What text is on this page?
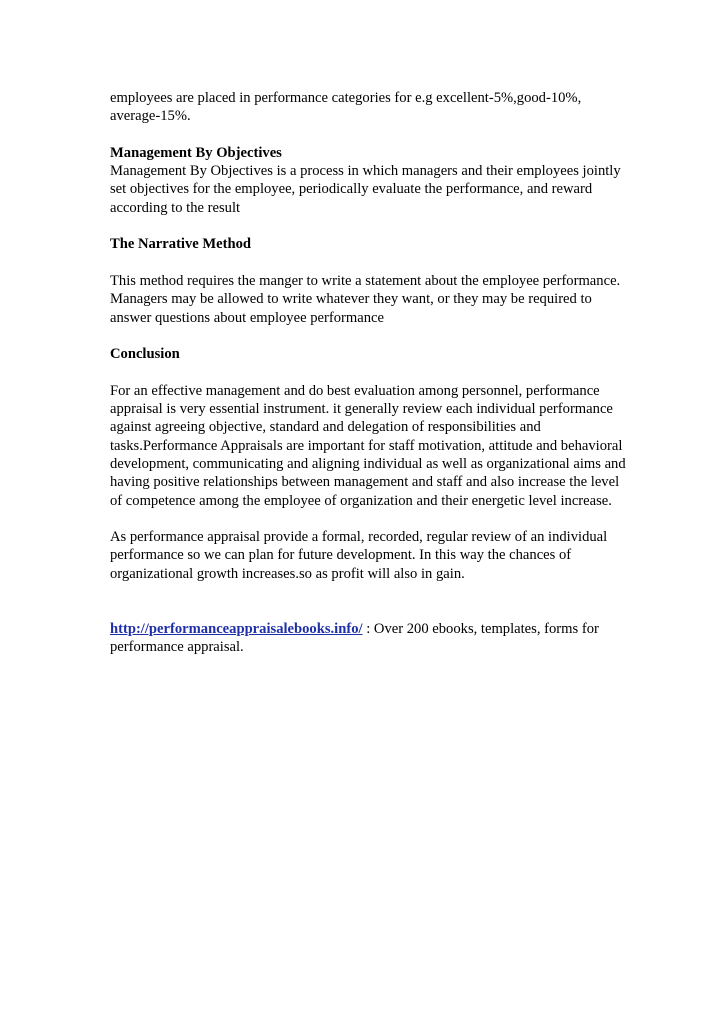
employees are placed in performance categories for e.g excellent-5%,good-10%, average-15%.

Management By Objectives

Management By Objectives is a process in which managers and their employees jointly set objectives for the employee, periodically evaluate the performance, and reward according to the result

The Narrative Method

This method requires the manger to write a statement about the employee performance. Managers may be allowed to write whatever they want, or they may be required to answer questions about employee performance

Conclusion

For an effective management and do best evaluation among personnel, performance appraisal is very essential instrument. it generally review each individual performance against agreeing objective, standard and delegation of responsibilities and tasks.Performance Appraisals are important for staff motivation, attitude and behavioral development, communicating and aligning individual as well as organizational aims and having positive relationships between management and staff and also increase the level of competence among the employee of organization and their energetic level increase.

As performance appraisal provide a formal, recorded, regular review of an individual performance so we can plan for future development. In this way the chances of organizational growth increases.so as profit will also in gain.

http://performanceappraisalebooks.info/ : Over 200 ebooks, templates, forms for performance appraisal.
